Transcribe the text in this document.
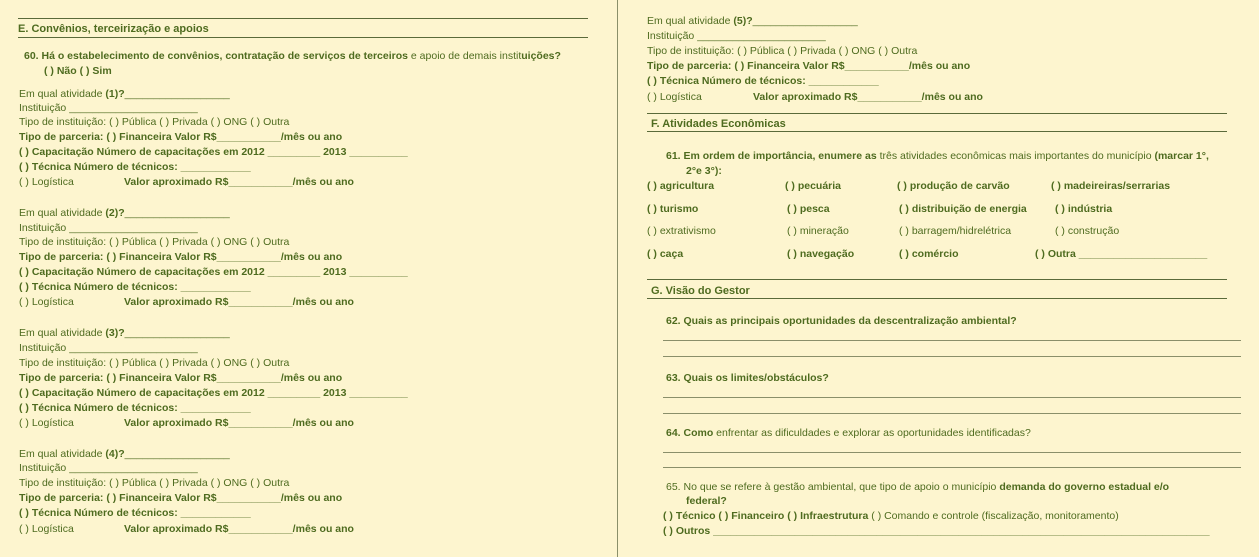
E. Convênios, terceirização e apoios
60. Há o estabelecimento de convênios, contratação de serviços de terceiros e apoio de demais instituições?
( ) Não ( ) Sim
Em qual atividade (1)?__________________
Instituição ______________________
Tipo de instituição: ( ) Pública ( ) Privada ( ) ONG ( ) Outra
Tipo de parceria: ( ) Financeira Valor R$___________/mês ou ano
( ) Capacitação Número de capacitações em 2012 _________ 2013 __________
( ) Técnica Número de técnicos: ____________
( ) Logística	Valor aproximado R$___________/mês ou ano
Em qual atividade (2)?__________________
Instituição ______________________
Tipo de instituição: ( ) Pública ( ) Privada ( ) ONG ( ) Outra
Tipo de parceria: ( ) Financeira Valor R$___________/mês ou ano
( ) Capacitação Número de capacitações em 2012 _________ 2013 __________
( ) Técnica Número de técnicos: ____________
( ) Logística	Valor aproximado R$___________/mês ou ano
Em qual atividade (3)?__________________
Instituição ______________________
Tipo de instituição: ( ) Pública ( ) Privada ( ) ONG ( ) Outra
Tipo de parceria: ( ) Financeira Valor R$___________/mês ou ano
( ) Capacitação Número de capacitações em 2012 _________ 2013 __________
( ) Técnica Número de técnicos: ____________
( ) Logística	Valor aproximado R$___________/mês ou ano
Em qual atividade (4)?__________________
Instituição ______________________
Tipo de instituição: ( ) Pública ( ) Privada ( ) ONG ( ) Outra
Tipo de parceria: ( ) Financeira Valor R$___________/mês ou ano
( ) Técnica Número de técnicos: ____________
( ) Logística	Valor aproximado R$___________/mês ou ano
Em qual atividade (5)?__________________
Instituição ______________________
Tipo de instituição: ( ) Pública ( ) Privada ( ) ONG ( ) Outra
Tipo de parceria: ( ) Financeira Valor R$___________/mês ou ano
( ) Técnica Número de técnicos: ____________
( ) Logística	Valor aproximado R$___________/mês ou ano
F. Atividades Econômicas
61. Em ordem de importância, enumere as três atividades econômicas mais importantes do município (marcar 1°,
2°e 3°):
( ) agricultura	( ) pecuária	( ) produção de carvão	( ) madeireiras/serrarias
( ) turismo	( ) pesca	( ) distribuição de energia	( ) indústria
( ) extrativismo	( ) mineração	( ) barragem/hidrelétrica	( ) construção
( ) caça	( ) navegação	( ) comércio	( ) Outra ______________________
G. Visão do Gestor
62. Quais as principais oportunidades da descentralização ambiental?
63. Quais os limites/obstáculos?
64. Como enfrentar as dificuldades e explorar as oportunidades identificadas?
65. No que se refere à gestão ambiental, que tipo de apoio o município demanda do governo estadual e/o
federal?
( ) Técnico ( ) Financeiro ( ) Infraestrutura ( ) Comando e controle (fiscalização, monitoramento)
( ) Outros _____________________________________________________________________________________
